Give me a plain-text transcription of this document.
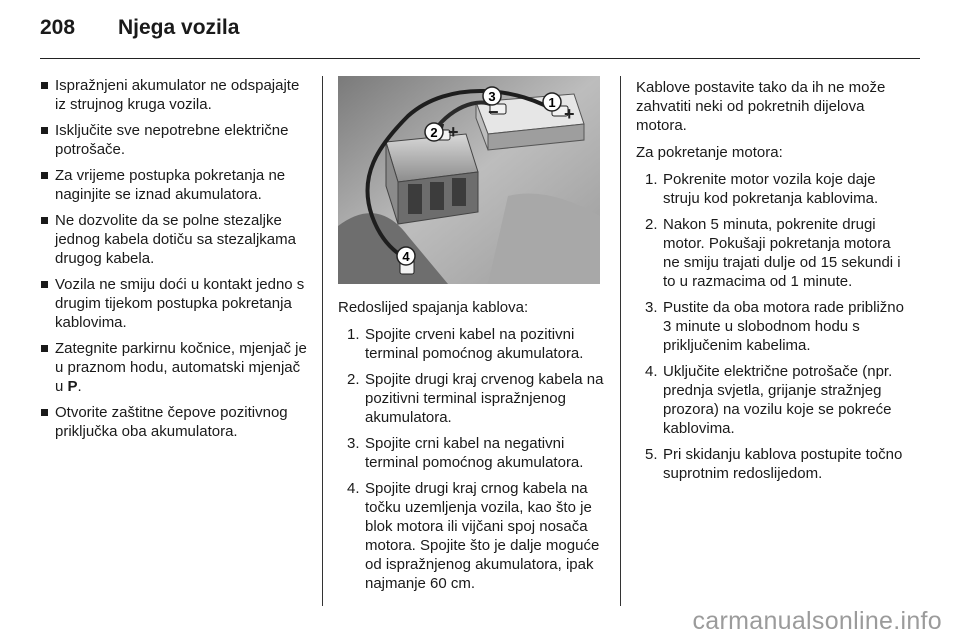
208 Njega vozila
Ispražnjeni akumulator ne odspajajte iz strujnog kruga vozila.
Isključite sve nepotrebne električne potrošače.
Za vrijeme postupka pokretanja ne naginjite se iznad akumulatora.
Ne dozvolite da se polne stezaljke jednog kabela dotiču sa stezaljkama drugog kabela.
Vozila ne smiju doći u kontakt jedno s drugim tijekom postupka pokretanja kablovima.
Zategnite parkirnu kočnice, mjenjač je u praznom hodu, automatski mjenjač u P.
Otvorite zaštitne čepove pozitivnog priključka oba akumulatora.
1
2
3
4
+
+
−

Redoslijed spajanja kablova:

1. Spojite crveni kabel na pozitivni terminal pomoćnog akumulatora.
2. Spojite drugi kraj crvenog kabela na pozitivni terminal ispražnjenog akumulatora.
3. Spojite crni kabel na negativni terminal pomoćnog akumulatora.
4. Spojite drugi kraj crnog kabela na točku uzemljenja vozila, kao što je blok motora ili vijčani spoj nosača motora. Spojite što je dalje moguće od ispražnjenog akumulatora, ipak najmanje 60 cm.

Kablove postavite tako da ih ne može zahvatiti neki od pokretnih dijelova motora.

Za pokretanje motora:

1. Pokrenite motor vozila koje daje struju kod pokretanja kablovima.
2. Nakon 5 minuta, pokrenite drugi motor. Pokušaji pokretanja motora ne smiju trajati dulje od 15 sekundi i to u razmacima od 1 minute.
3. Pustite da oba motora rade približno 3 minute u slobodnom hodu s priključenim kabelima.
4. Uključite električne potrošače (npr. prednja svjetla, grijanje stražnjeg prozora) na vozilu koje se pokreće kablovima.
5. Pri skidanju kablova postupite točno suprotnim redoslijedom.
carmanualsonline.info
